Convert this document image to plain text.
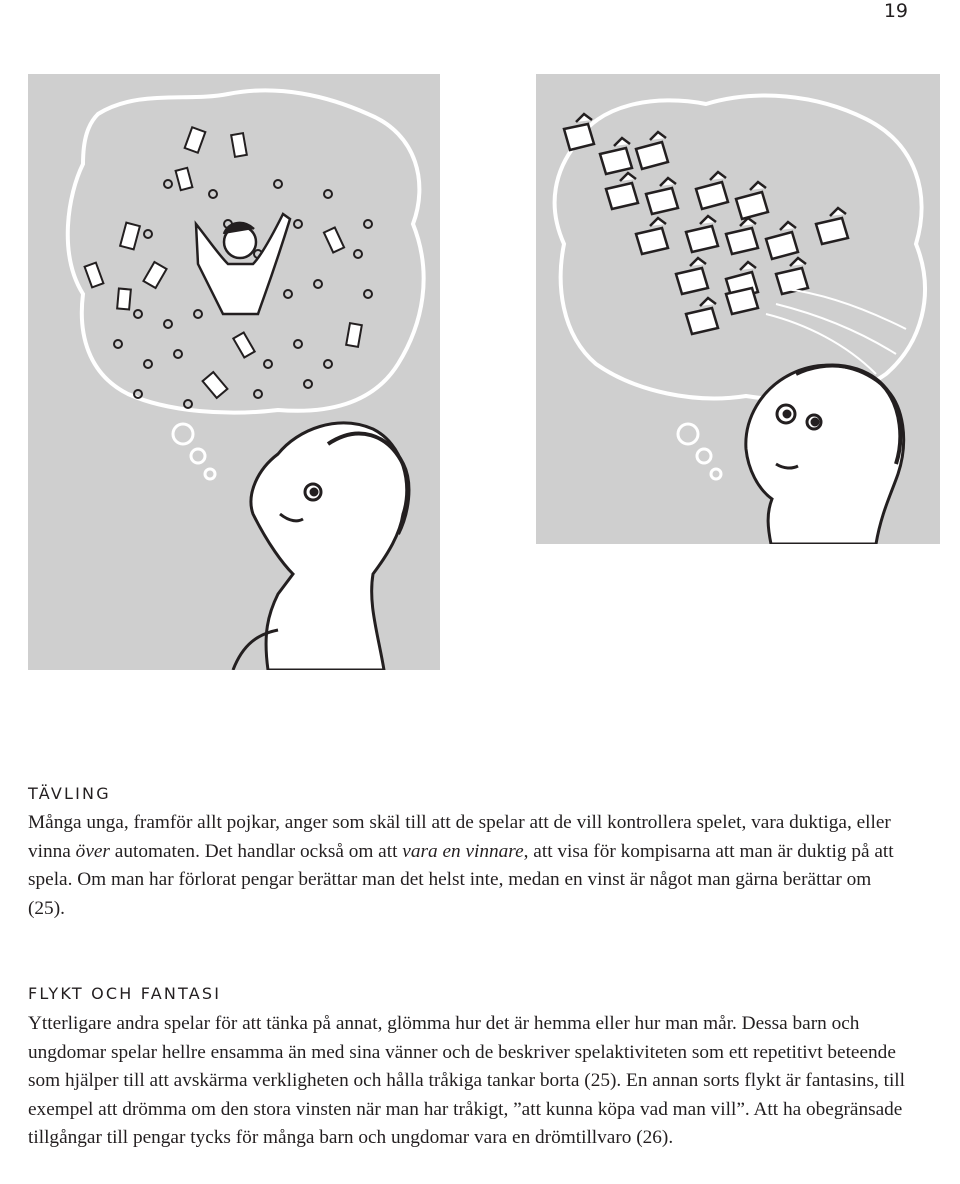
19
TÄVLING

Många unga, framför allt pojkar, anger som skäl till att de spelar att de vill kontrollera spelet, vara duktiga, eller vinna över automaten. Det handlar också om att vara en vinnare, att visa för kompisarna att man är duktig på att spela. Om man har förlorat pengar berättar man det helst inte, medan en vinst är något man gärna berättar om (25).

FLYKT OCH FANTASI

Ytterligare andra spelar för att tänka på annat, glömma hur det är hemma eller hur man mår. Dessa barn och ungdomar spelar hellre ensamma än med sina vänner och de beskriver spelaktiviteten som ett repetitivt beteende som hjälper till att avskärma verkligheten och hålla tråkiga tankar borta (25). En annan sorts flykt är fantasins, till exempel att drömma om den stora vinsten när man har tråkigt, ”att kunna köpa vad man vill”. Att ha obegränsade tillgångar till pengar tycks för många barn och ungdomar vara en drömtillvaro (26).
